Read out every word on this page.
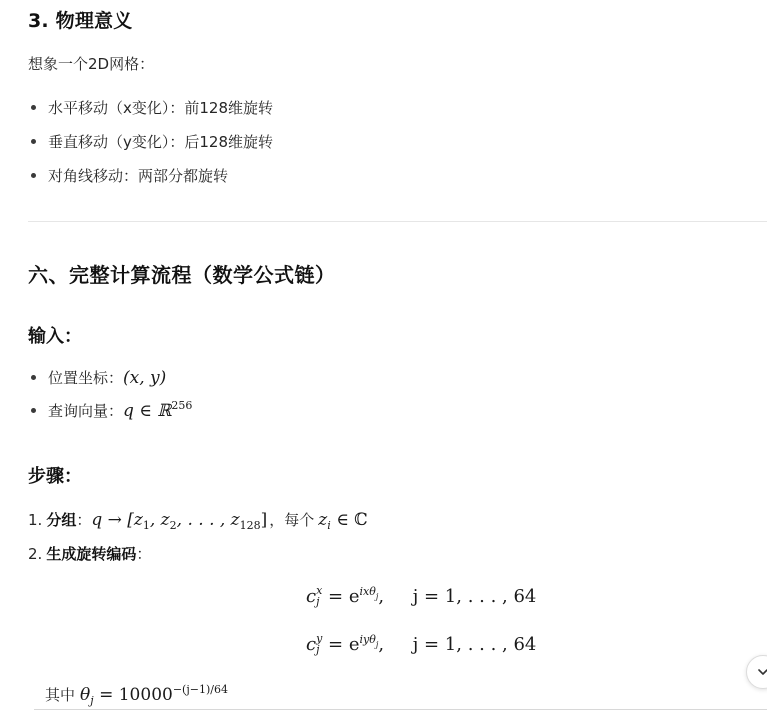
3. 物理意义
想象一个2D网格：
水平移动（x变化）：前128维旋转
垂直移动（y变化）：后128维旋转
对角线移动：两部分都旋转
六、完整计算流程（数学公式链）
输入：
位置坐标： (x, y)
查询向量： q ∈ ℝ$^{256}$
步骤：
1. 分组 ： $q \to [z_1$, $z_2$, . . . , $z_{128}$] ，每个 $z_i$ ∈ ℂ
2. 生成旋转编码 ：
c x
$j = e^{ix\theta}_j$,     j = 1, . . . , 64
c y
$j = e^{iy\theta}_j$,     j = 1, . . . , 64
其中 $\theta_j = 10000^{-(j-1)/64}$
